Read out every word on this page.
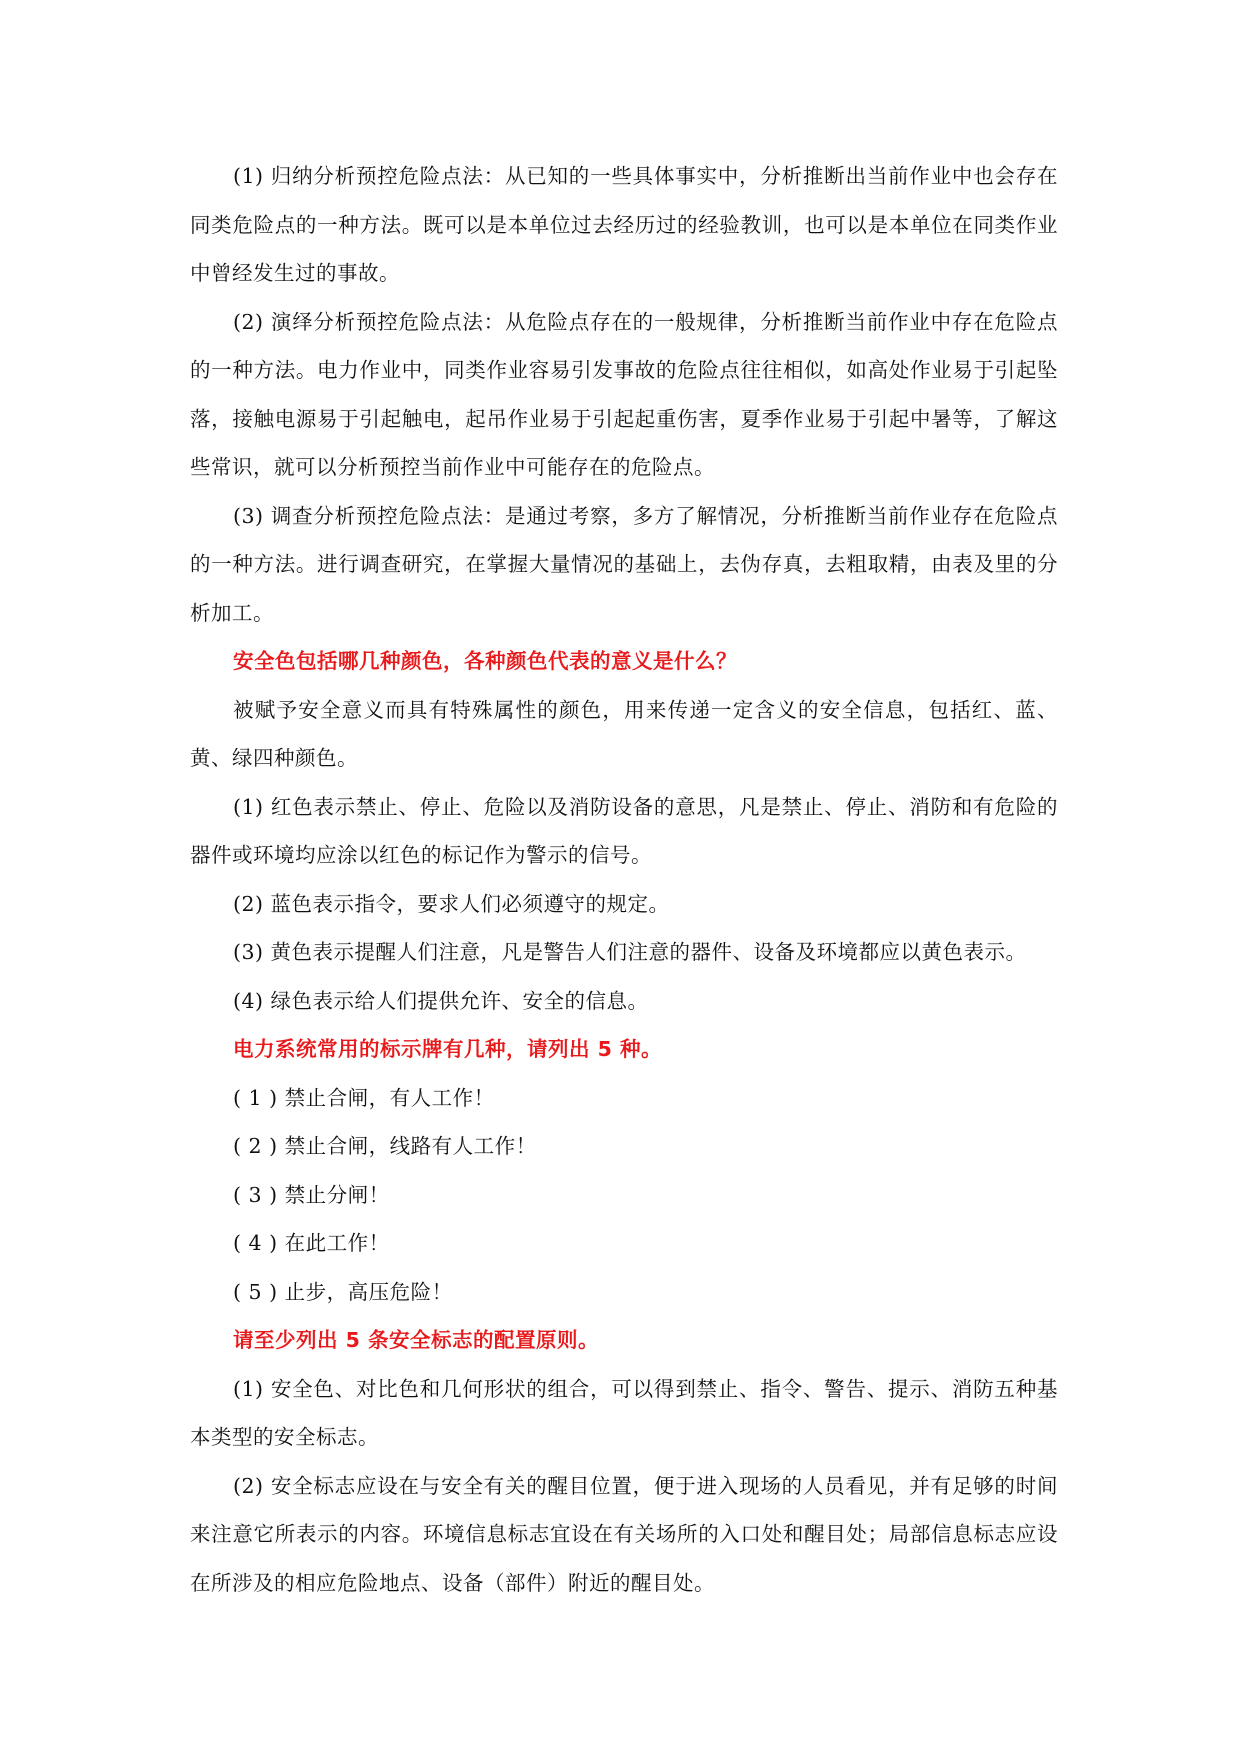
(1) 归纳分析预控危险点法：从已知的一些具体事实中，分析推断出当前作业中也会存在同类危险点的一种方法。既可以是本单位过去经历过的经验教训，也可以是本单位在同类作业中曾经发生过的事故。

(2) 演绎分析预控危险点法：从危险点存在的一般规律，分析推断当前作业中存在危险点的一种方法。电力作业中，同类作业容易引发事故的危险点往往相似，如高处作业易于引起坠落，接触电源易于引起触电，起吊作业易于引起起重伤害，夏季作业易于引起中暑等，了解这些常识，就可以分析预控当前作业中可能存在的危险点。

(3) 调查分析预控危险点法：是通过考察，多方了解情况，分析推断当前作业存在危险点的一种方法。进行调查研究，在掌握大量情况的基础上，去伪存真，去粗取精，由表及里的分析加工。

安全色包括哪几种颜色，各种颜色代表的意义是什么？

被赋予安全意义而具有特殊属性的颜色，用来传递一定含义的安全信息，包括红、蓝、黄、绿四种颜色。

(1) 红色表示禁止、停止、危险以及消防设备的意思，凡是禁止、停止、消防和有危险的器件或环境均应涂以红色的标记作为警示的信号。

(2) 蓝色表示指令，要求人们必须遵守的规定。

(3) 黄色表示提醒人们注意，凡是警告人们注意的器件、设备及环境都应以黄色表示。

(4) 绿色表示给人们提供允许、安全的信息。

电力系统常用的标示牌有几种，请列出 5 种。

( 1 ) 禁止合闸，有人工作！

( 2 ) 禁止合闸，线路有人工作！

( 3 ) 禁止分闸！

( 4 ) 在此工作！

( 5 ) 止步，高压危险！

请至少列出 5 条安全标志的配置原则。

(1) 安全色、对比色和几何形状的组合，可以得到禁止、指令、警告、提示、消防五种基本类型的安全标志。

(2) 安全标志应设在与安全有关的醒目位置，便于进入现场的人员看见，并有足够的时间来注意它所表示的内容。环境信息标志宜设在有关场所的入口处和醒目处；局部信息标志应设在所涉及的相应危险地点、设备（部件）附近的醒目处。
